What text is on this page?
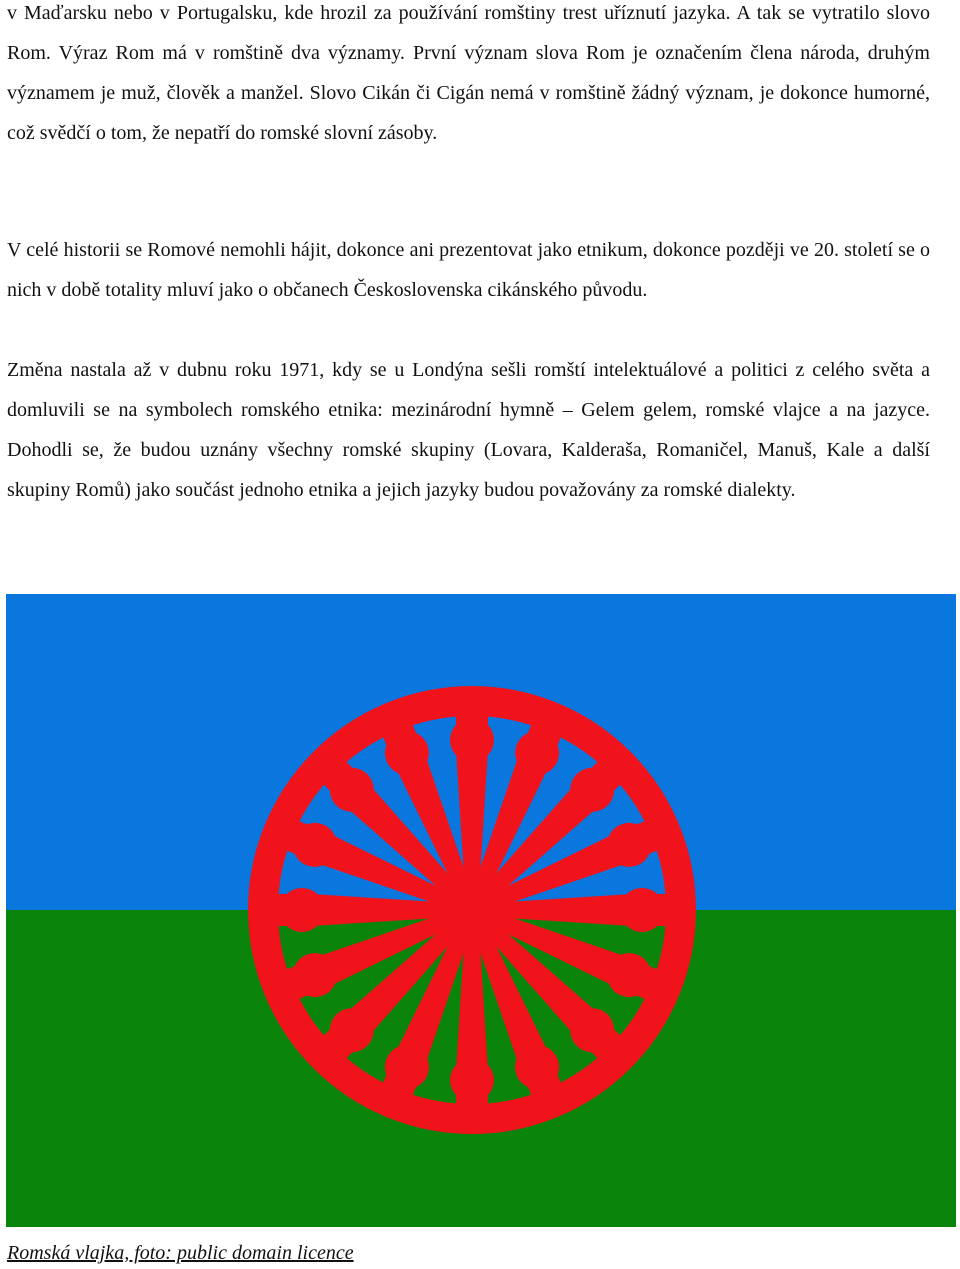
v Maďarsku nebo v Portugalsku, kde hrozil za používání romštiny trest uříznutí jazyka. A tak se vytratilo slovo Rom. Výraz Rom má v romštině dva významy. První význam slova Rom je označením člena národa, druhým významem je muž, člověk a manžel. Slovo Cikán či Cigán nemá v romštině žádný význam, je dokonce humorné, což svědčí o tom, že nepatří do romské slovní zásoby.

V celé historii se Romové nemohli hájit, dokonce ani prezentovat jako etnikum, dokonce později ve 20. století se o nich v době totality mluví jako o občanech Československa cikánského původu.

Změna nastala až v dubnu roku 1971, kdy se u Londýna sešli romští intelektuálové a politici z celého světa a domluvili se na symbolech romského etnika: mezinárodní hymně – Gelem gelem, romské vlajce a na jazyce. Dohodli se, že budou uznány všechny romské skupiny (Lovara, Kalderaša, Romaničel, Manuš, Kale a další skupiny Romů) jako součást jednoho etnika a jejich jazyky budou považovány za romské dialekty.

Romská vlajka, foto: public domain licence
